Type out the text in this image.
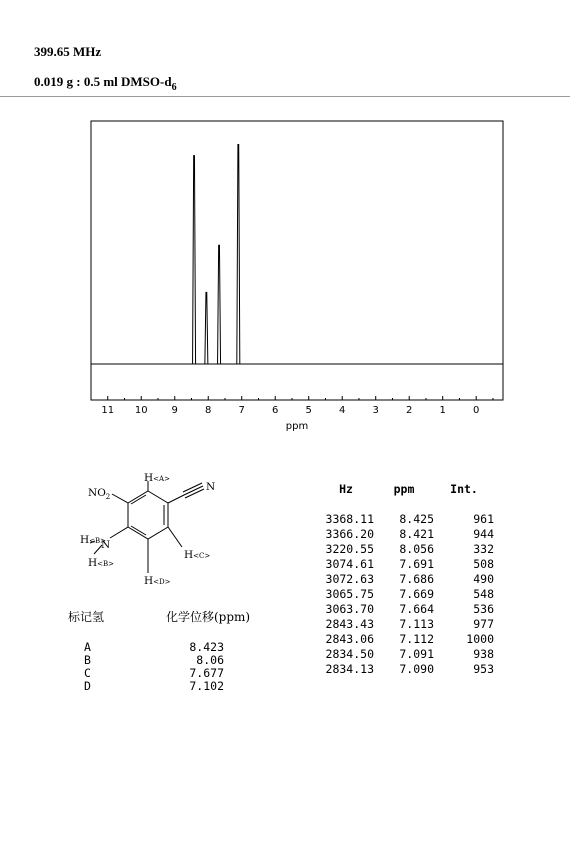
399.65 MHz
0.019 g : 0.5 ml DMSO-$d_6$
11 10 9	8	7	6	5	4	3	2	1	0
ppm
H<A>
N
$NO_2$
H<B>
N
H<B>
H<C>
H<D>
标记氢	化学位移(ppm)
A	8.423
B	8.06
C	7.677
D	7.102
Hz	ppm	Int.
3368.11	8.425	961
3366.20	8.421	944
3220.55	8.056	332
3074.61	7.691	508
3072.63	7.686	490
3065.75	7.669	548
3063.70	7.664	536
2843.43	7.113	977
2843.06	7.112	1000
2834.50	7.091	938
2834.13	7.090	953
